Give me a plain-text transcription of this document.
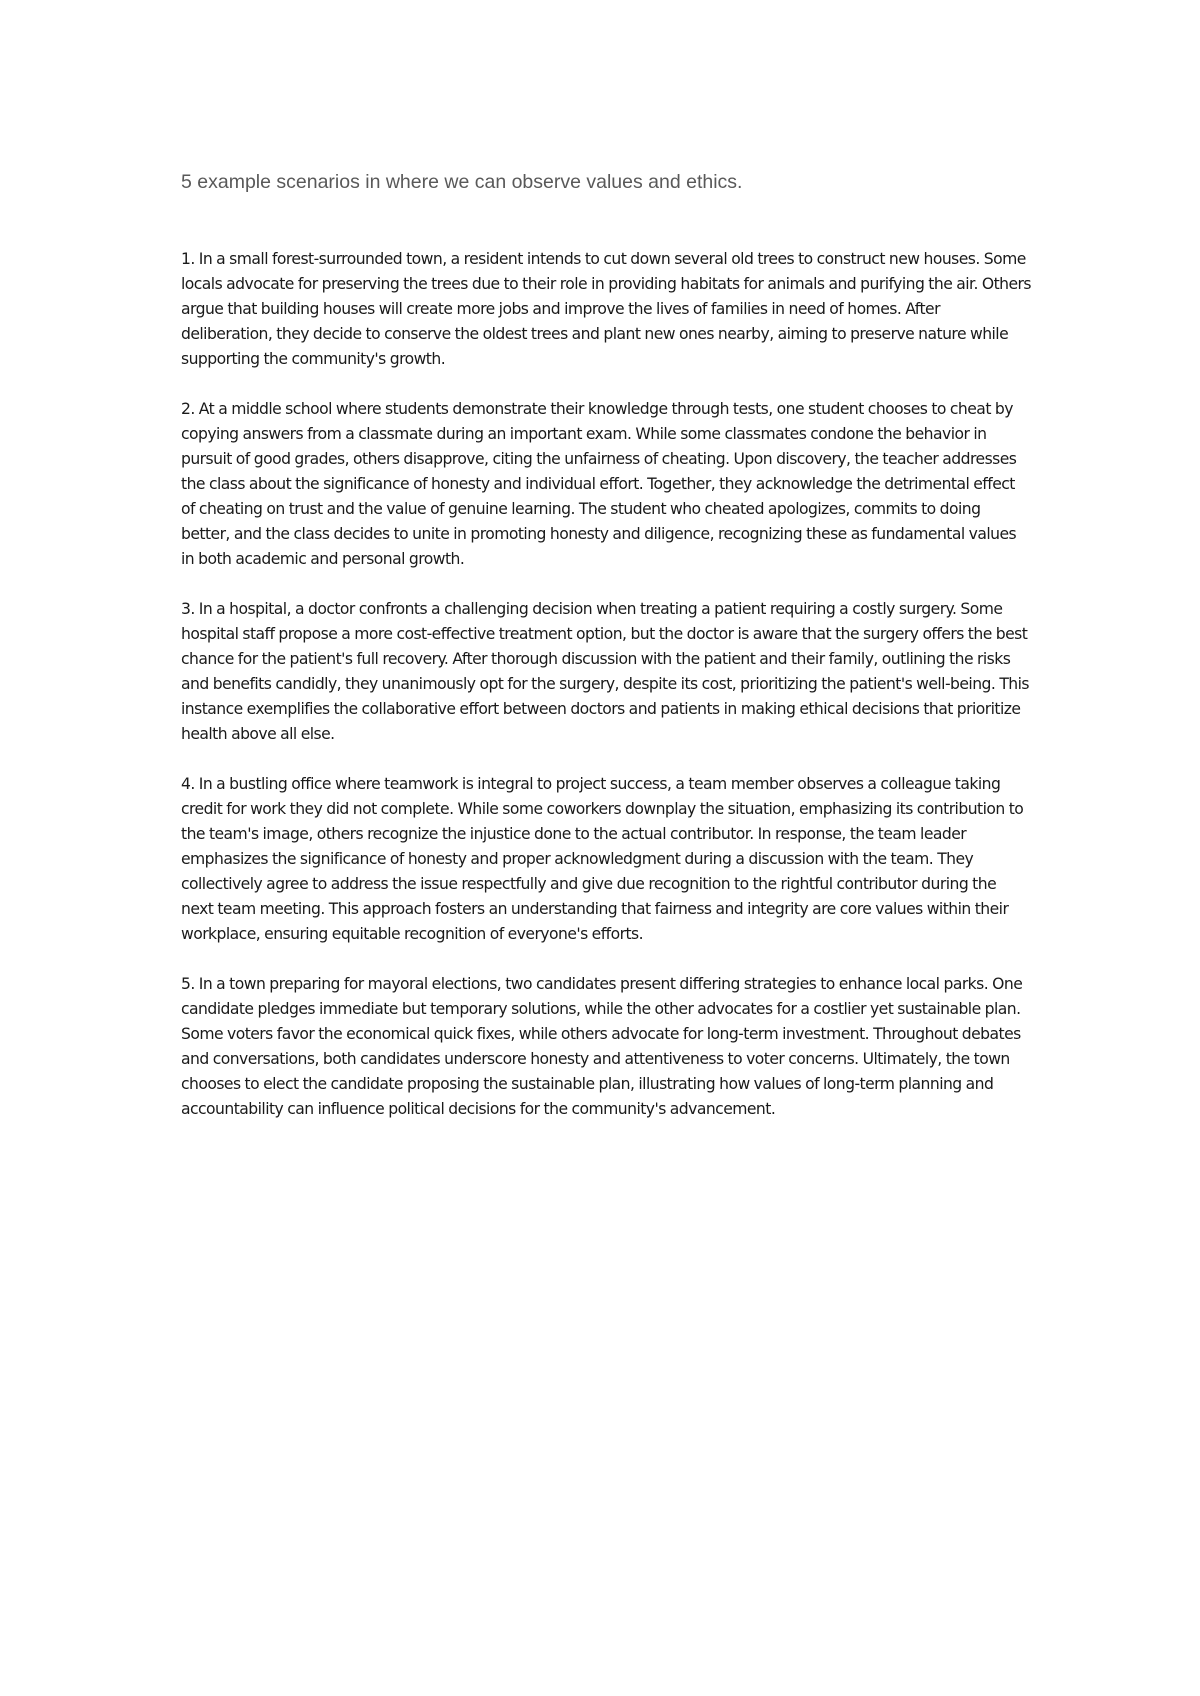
5 example scenarios in where we can observe values and ethics.

1. In a small forest-surrounded town, a resident intends to cut down several old trees to construct new houses. Some locals advocate for preserving the trees due to their role in providing habitats for animals and purifying the air. Others argue that building houses will create more jobs and improve the lives of families in need of homes. After deliberation, they decide to conserve the oldest trees and plant new ones nearby, aiming to preserve nature while supporting the community's growth.

2. At a middle school where students demonstrate their knowledge through tests, one student chooses to cheat by copying answers from a classmate during an important exam. While some classmates condone the behavior in pursuit of good grades, others disapprove, citing the unfairness of cheating. Upon discovery, the teacher addresses the class about the significance of honesty and individual effort. Together, they acknowledge the detrimental effect of cheating on trust and the value of genuine learning. The student who cheated apologizes, commits to doing better, and the class decides to unite in promoting honesty and diligence, recognizing these as fundamental values in both academic and personal growth.

3. In a hospital, a doctor confronts a challenging decision when treating a patient requiring a costly surgery. Some hospital staff propose a more cost-effective treatment option, but the doctor is aware that the surgery offers the best chance for the patient's full recovery. After thorough discussion with the patient and their family, outlining the risks and benefits candidly, they unanimously opt for the surgery, despite its cost, prioritizing the patient's well-being. This instance exemplifies the collaborative effort between doctors and patients in making ethical decisions that prioritize health above all else.

4. In a bustling office where teamwork is integral to project success, a team member observes a colleague taking credit for work they did not complete. While some coworkers downplay the situation, emphasizing its contribution to the team's image, others recognize the injustice done to the actual contributor. In response, the team leader emphasizes the significance of honesty and proper acknowledgment during a discussion with the team. They collectively agree to address the issue respectfully and give due recognition to the rightful contributor during the next team meeting. This approach fosters an understanding that fairness and integrity are core values within their workplace, ensuring equitable recognition of everyone's efforts.

5. In a town preparing for mayoral elections, two candidates present differing strategies to enhance local parks. One candidate pledges immediate but temporary solutions, while the other advocates for a costlier yet sustainable plan. Some voters favor the economical quick fixes, while others advocate for long-term investment. Throughout debates and conversations, both candidates underscore honesty and attentiveness to voter concerns. Ultimately, the town chooses to elect the candidate proposing the sustainable plan, illustrating how values of long-term planning and accountability can influence political decisions for the community's advancement.
